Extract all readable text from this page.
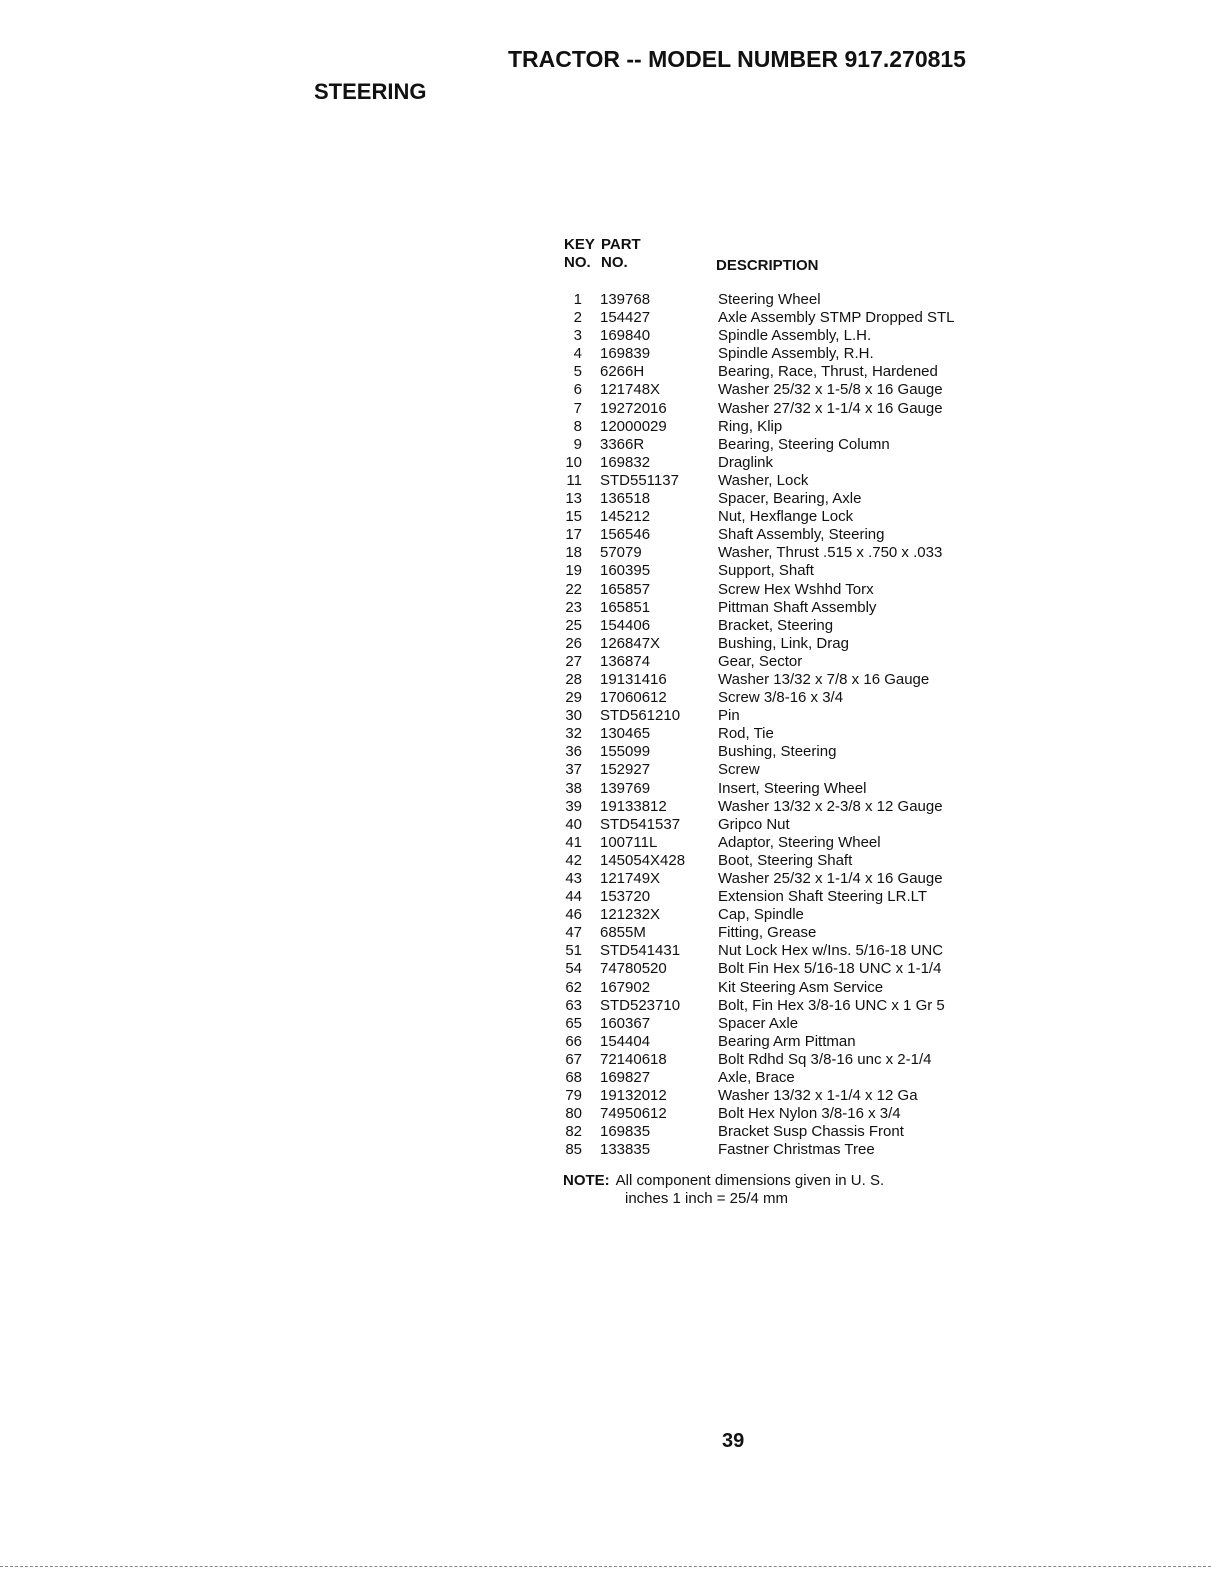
TRACTOR -- MODEL NUMBER 917.270815
STEERING
KEY
NO.
PART
NO.	DESCRIPTION
1 139768	Steering Wheel
2 154427	Axle Assembly STMP Dropped STL
3 169840	Spindle Assembly, L.H.
4 169839	Spindle Assembly, R.H.
5 6266H	Bearing, Race, Thrust, Hardened
6 121748X	Washer 25/32 x 1-5/8 x 16 Gauge
7 19272016	Washer 27/32 x 1-1/4 x 16 Gauge
8 12000029	Ring, Klip
9 3366R	Bearing, Steering Column
10 169832	Draglink
11 STD551137	Washer, Lock
13 136518	Spacer, Bearing, Axle
15 145212	Nut, Hexflange Lock
17 156546	Shaft Assembly, Steering
18 57079	Washer, Thrust .515 x .750 x .033
19 160395	Support, Shaft
22 165857	Screw Hex Wshhd Torx
23 165851	Pittman Shaft Assembly
25 154406	Bracket, Steering
26 126847X	Bushing, Link, Drag
27 136874	Gear, Sector
28 19131416	Washer 13/32 x 7/8 x 16 Gauge
29 17060612	Screw 3/8-16 x 3/4
30 STD561210	Pin
32 130465	Rod, Tie
36 155099	Bushing, Steering
37 152927	Screw
38 139769	Insert, Steering Wheel
39 19133812	Washer 13/32 x 2-3/8 x 12 Gauge
40 STD541537	Gripco Nut
41 100711L	Adaptor, Steering Wheel
42 145054X428 Boot, Steering Shaft
43 121749X	Washer 25/32 x 1-1/4 x 16 Gauge
44 153720	Extension Shaft Steering LR.LT
46 121232X	Cap, Spindle
47 6855M	Fitting, Grease
51 STD541431	Nut Lock Hex w/Ins. 5/16-18 UNC
54 74780520	Bolt Fin Hex 5/16-18 UNC x 1-1/4
62 167902	Kit Steering Asm Service
63 STD523710	Bolt, Fin Hex 3/8-16 UNC x 1 Gr 5
65 160367	Spacer Axle
66 154404	Bearing Arm Pittman
67 72140618	Bolt Rdhd Sq 3/8-16 unc x 2-1/4
68 169827	Axle, Brace
79 19132012	Washer 13/32 x 1-1/4 x 12 Ga
80 74950612	Bolt Hex Nylon 3/8-16 x 3/4
82 169835	Bracket Susp Chassis Front
85 133835	Fastner Christmas Tree
NOTE: All component dimensions given in U. S.
inches 1 inch = 25/4 mm
39
